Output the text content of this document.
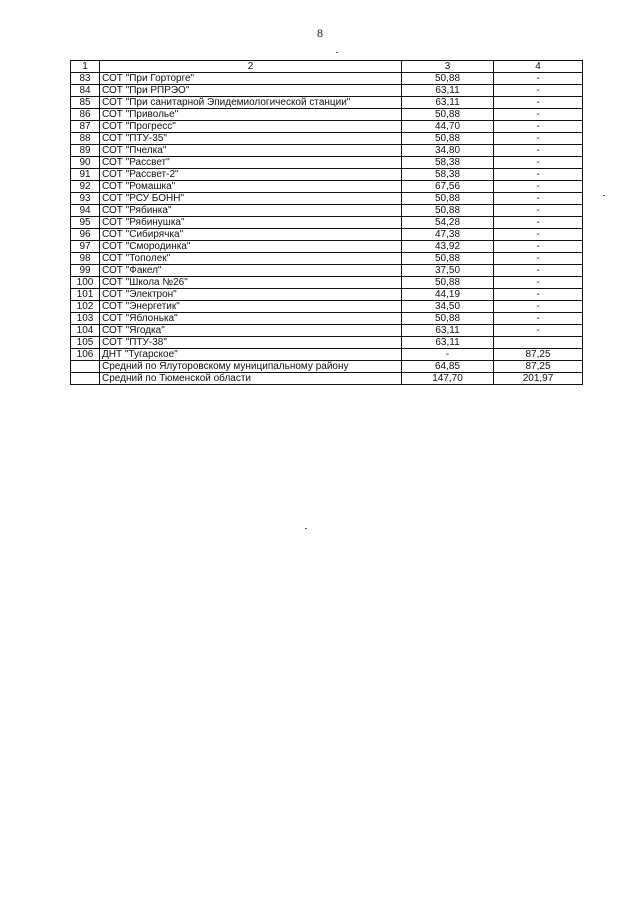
8
1	2	3	4
83	СОТ "При Горторге"	50,88	-
84	СОТ "При РПРЭО"	63,11	-
85	СОТ "При санитарной Эпидемиологической станции"	63,11	-
86	СОТ "Приволье"	50,88	-
87	СОТ "Прогресс"	44,70	-
88	СОТ "ПТУ-35"	50,88	-
89	СОТ "Пчелка"	34,80	-
90	СОТ "Рассвет"	58,38	-
91	СОТ "Рассвет-2"	58,38	-
92	СОТ "Ромашка"	67,56	-
93	СОТ "РСУ БОНН"	50,88	-
94	СОТ "Рябинка"	50,88	-
95	СОТ "Рябинушка"	54,28	-
96	СОТ "Сибирячка"	47,38	-
97	СОТ "Смородинка"	43,92	-
98	СОТ "Тополек"	50,88	-
99	СОТ "Факел"	37,50	-
100	СОТ "Школа №26"	50,88	-
101	СОТ "Электрон"	44,19	-
102	СОТ "Энергетик"	34,50	-
103	СОТ "Яблонька"	50,88	-
104	СОТ "Ягодка"	63,11	-
105	СОТ "ПТУ-38"	63,11	
106	ДНТ "Тугарское"	-	87,25
	Средний по Ялуторовскому муниципальному району	64,85	87,25
	Средний по Тюменской области	147,70	201,97
